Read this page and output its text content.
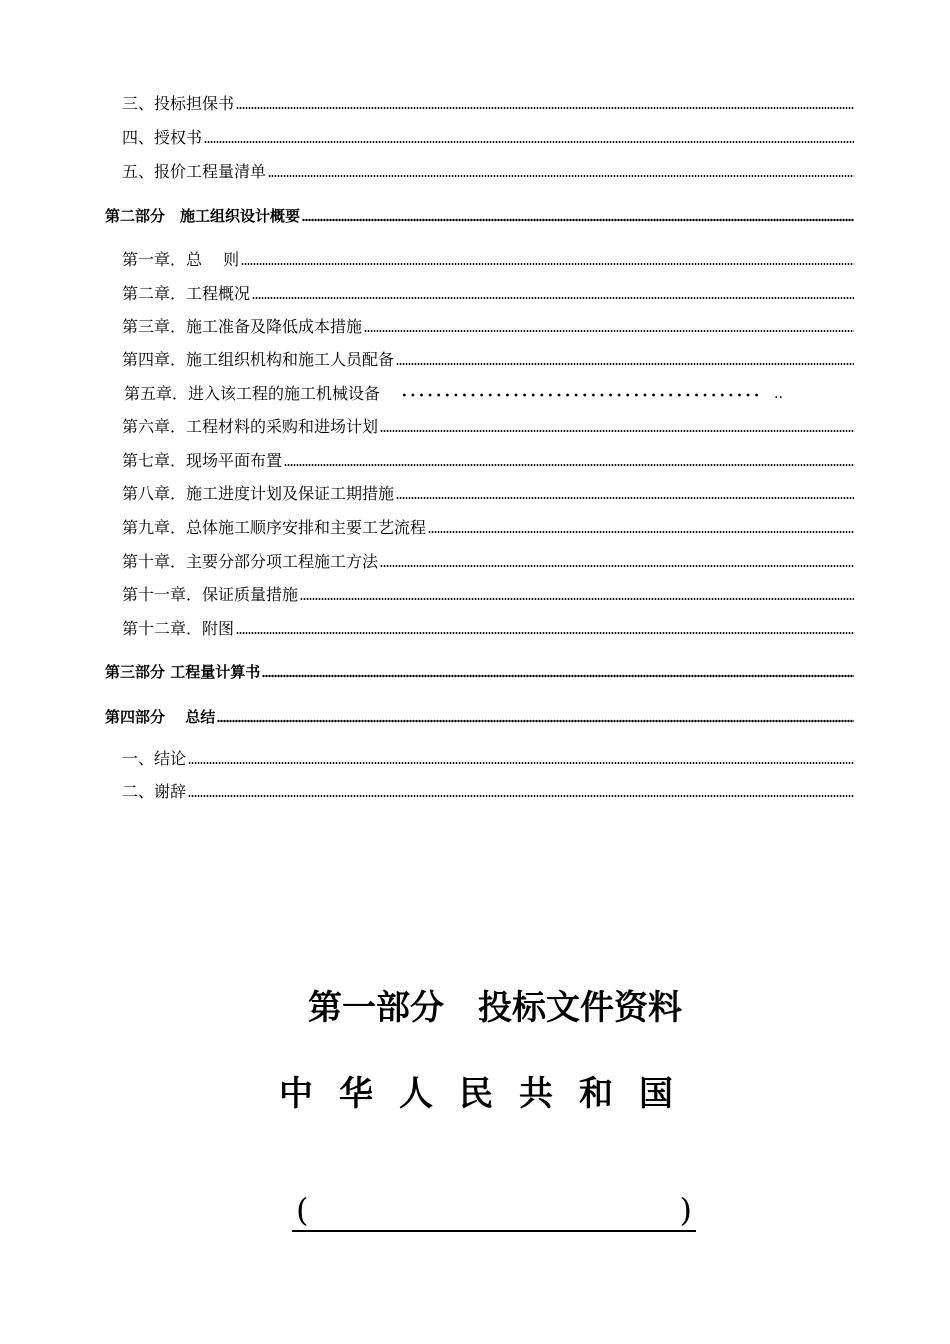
三、投标担保书
四、授权书
五、报价工程量清单
第二部分　施工组织设计概要
第一章．总　 则
第二章．工程概况
第三章．施工准备及降低成本措施
第四章．施工组织机构和施工人员配备
第五章．进入该工程的施工机械设备	..
第六章．工程材料的采购和进场计划
第七章．现场平面布置
第八章．施工进度计划及保证工期措施
第九章．总体施工顺序安排和主要工艺流程
第十章．主要分部分项工程施工方法
第十一章．保证质量措施
第十二章．附图
第三部分 工程量计算书
第四部分　 总结
一、结论
二、谢辞
第一部分　投标文件资料
中华人民共和国
(	)
